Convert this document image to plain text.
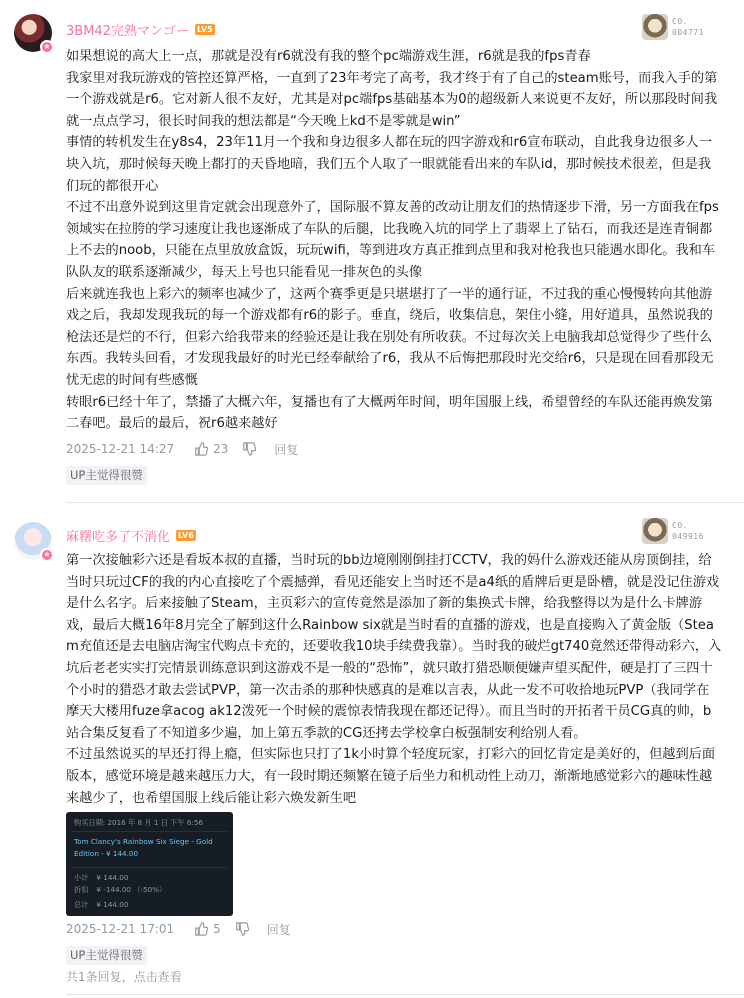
★
3BM42完熟マンゴー LV5
CO.
004771

如果想说的高大上一点，那就是没有r6就没有我的整个pc端游戏生涯，r6就是我的fps青春

我家里对我玩游戏的管控还算严格，一直到了23年考完了高考，我才终于有了自己的steam账号，而我入手的第一个游戏就是r6。它对新人很不友好，尤其是对pc端fps基础基本为0的超级新人来说更不友好，所以那段时间我就一点点学习，很长时间我的想法都是“今天晚上kd不是零就是win”

事情的转机发生在y8s4，23年11月一个我和身边很多人都在玩的四字游戏和r6宣布联动，自此我身边很多人一块入坑，那时候每天晚上都打的天昏地暗，我们五个人取了一眼就能看出来的车队id，那时候技术很差，但是我们玩的都很开心

不过不出意外说到这里肯定就会出现意外了，国际服不算友善的改动让朋友们的热情逐步下滑，另一方面我在fps领域实在拉胯的学习速度让我也逐渐成了车队的后腿，比我晚入坑的同学上了翡翠上了钻石，而我还是连青铜都上不去的noob，只能在点里放放盒饭，玩玩wifi，等到进攻方真正推到点里和我对枪我也只能遇水即化。我和车队队友的联系逐渐减少，每天上号也只能看见一排灰色的头像

后来就连我也上彩六的频率也减少了，这两个赛季更是只堪堪打了一半的通行证，不过我的重心慢慢转向其他游戏之后，我却发现我玩的每一个游戏都有r6的影子。垂直，绕后，收集信息，架住小缝，用好道具，虽然说我的枪法还是烂的不行，但彩六给我带来的经验还是让我在别处有所收获。不过每次关上电脑我却总觉得少了些什么东西。我转头回看，才发现我最好的时光已经奉献给了r6，我从不后悔把那段时光交给r6，只是现在回看那段无忧无虑的时间有些感慨

转眼r6已经十年了，禁播了大概六年，复播也有了大概两年时间，明年国服上线，希望曾经的车队还能再焕发第二春吧。最后的最后，祝r6越来越好

2025-12-21 14:27	23	回复
UP主觉得很赞
★
麻糬吃多了不消化 LV6
CO.
049916

第一次接触彩六还是看坂本叔的直播，当时玩的bb边境刚刚倒挂打CCTV，我的妈什么游戏还能从房顶倒挂，给当时只玩过CF的我的内心直接吃了个震撼弹，看见还能安上当时还不是a4纸的盾牌后更是卧槽，就是没记住游戏是什么名字。后来接触了Steam，主页彩六的宣传竟然是添加了新的集换式卡牌，给我整得以为是什么卡牌游戏，最后大概16年8月完全了解到这什么Rainbow six就是当时看的直播的游戏，也是直接购入了黄金版（Steam充值还是去电脑店淘宝代购点卡充的，还要收我10块手续费我靠）。当时我的破烂gt740竟然还带得动彩六，入坑后老老实实打完情景训练意识到这游戏不是一般的“恐怖”，就只敢打猎恐顺便嫌声望买配件，硬是打了三四十个小时的猎恐才敢去尝试PVP，第一次击杀的那种快感真的是难以言表，从此一发不可收拾地玩PVP（我同学在摩天大楼用fuze拿acog ak12泼死一个时候的震惊表情我现在都还记得）。而且当时的开拓者干员CG真的帅，b站合集反复看了不知道多少遍，加上第五季款的CG还拷去学校拿白板强制安利给别人看。

不过虽然说买的早还打得上瘾，但实际也只打了1k小时算个轻度玩家，打彩六的回忆肯定是美好的，但越到后面版本，感觉环境是越来越压力大，有一段时期还频繁在镜子后坐力和机动性上动刀，渐渐地感觉彩六的趣味性越来越少了，也希望国服上线后能让彩六焕发新生吧

购买日期: 2016 年 8 月 1 日 下午 6:56
Tom Clancy's Rainbow Six Siege - Gold Edition - ¥ 144.00
小计 ¥ 144.00
折扣 ¥ -144.00 （-50%）
总计 ¥ 144.00
2025-12-21 17:01	5	回复
UP主觉得很赞
共1条回复，点击查看
